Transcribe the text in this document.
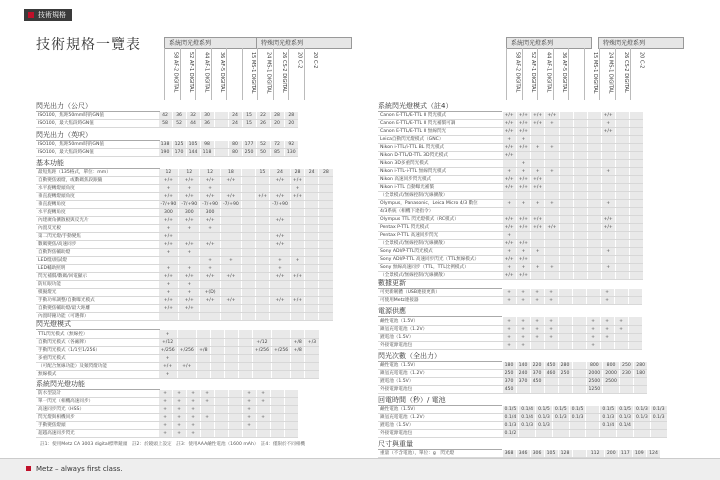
技術規格
技術規格一覽表	系統閃光燈系列	特殊閃光燈系列	系統閃光燈系列	特殊閃光燈系列
58 AF-2 DIGITAL	52 AF-1 DIGITAL	44 AF-1 DIGITAL	36 AF-5 DIGITAL	15 MS-1 DIGITAL	24 MS-1 DIGITAL	26 CS-2 DIGITAL	20 C-2	20 C-2	58 AF-2 DIGITAL	52 AF-1 DIGITAL	44 AF-1 DIGITAL	36 AF-5 DIGITAL	15 MS-1 DIGITAL	24 MS-1 DIGITAL	26 CS-2 DIGITAL	20 C-2
閃光出力（公尺）
ISO100，焦距50mm時的GN值	42	36	32	30		24	15	22	28	28
ISO100，最大焦段時GN值	58	52	44	36		24	15	26	20	20
閃光出力（英呎）
ISO100，焦距50mm時的GN值	138	125	105	98		80	177	52	72	92
ISO100，最大焦段時GN值	190	170	144	118		80	250	50	85	130
基本功能
最短焦距（135格式，單位：mm）	12	12	12	18		15	24	28	24	28
自動變焦頭燈，或數碼焦段跟隨	+/+	+/+	+/+	+/+			+/+	+/+		
水平旋轉燈頭角度	+	+	+					+		
垂直旋轉燈頭角度	+/+	+/+	+/+	+/+		+/+	+/+	+/+		
垂直旋轉角度	-7/+90	-7/+90	-7/+90	-7/+90			-7/+90			
水平旋轉角度	300	300	300							
內建廣角擴散板與反光片	+/+	+/+	+/+				+/+			
內置反光板	+	+	+							
第二閃光燈/手動變焦	+/+						+/+			
數碼變焦/高速同步	+/+	+/+	+/+				+/+			
自動對焦輔助燈	+	+								
LED燈/測試燈			+	+			+	+		
LED輔助照明	+	+	+				+			
閃光補償/數碼/回電顯示	+/+	+/+	+/+	+/+			+/+	+/+		
防紅眼功能	+	+								
模擬燈光	+	+	+(D)							
手動功率調整/自動曝光模式	+/+	+/+	+/+	+/+			+/+	+/+		
自動變焦輔助燈/最大距離	+/+	+/+								
內置時鐘功能（可選擇）										
閃光燈模式
TTL閃光模式（無線控）	+									
自動閃光模式（各廠牌）	+/12						+/12		+/8	+/3
手動閃光模式（1/1至1/256）	+/256	+/256	+/8				+/256	+/256	+/8	
多重閃光模式	+									
（可配合無線功能）及頻閃燈功能	+/+	+/+								
無線模式	+									
系統閃光燈功能
防水型設計	+	+	+	+			+	+		
單一閃光（相機高速同步）	+	+	+	+			+	+		
高速同步閃光（HSS）	+	+	+				+			
閃光燈與相機同步	+	+	+	+			+	+		
手動變焦燈頭	+	+	+				+			
超越高速同步閃光	+	+	+							
系統閃光燈模式（註4）
Canon E-TTL/E-TTL II 閃光模式	+/+	+/+	+/+	+/+				+/+		
Canon E-TTL/E-TTL II 閃光補償可調	+/+	+/+	+/+	+				+		
Canon E-TTL/E-TTL II 無線閃光	+/+	+/+						+/+		
Leica自動閃光燈模式（GNC）	+	+								
Nikon i-TTL/i-TTL BL 閃光模式	+/+	+/+	+	+						
Nikon D-TTL/D-TTL 3D閃光模式	+/+									
Nikon 3D多重閃光模式		+								
Nikon i-TTL-i-TTL 無線閃光模式	+	+	+	+				+		
Nikon 高速同步閃光模式	+/+	+/+	+/+							
Nikon i-TTL 自動曝光補償	+/+	+/+	+/+							
（全景模式/無線控制/光線擴散）										
Olympus，Panasonic，Leica Micro 4/3 數位	+	+	+	+				+		
4/3系統（相機下達指令）										
Olympus TTL 閃光燈模式（RC模式）	+/+	+/+	+/+					+/+		
Pentax P-TTL 閃光模式	+/+	+/+	+/+	+/+				+/+		
Pentax P-TTL 高速同步閃光	+									
（全景模式/無線控制/光線擴散）	+/+	+/+								
Sony ADI/P-TTL閃光模式	+	+	+					+		
Sony ADI/P-TTL 高速同步閃光（TTL無線模式）	+/+	+/+								
Sony 無線高速同步（TTL，TTL比例模式）	+	+	+	+				+		
（全景模式/無線控制/光線擴散）	+/+	+/+								
數據更新
可更新韌體（USB連接更新）	+	+	+	+				+		
可使用Metz連接器	+	+	+	+				+		
電源供應
鹼性電池（1.5V）	+	+	+	+			+	+	+	
鎳氫充電電池（1.2V）	+	+	+	+			+	+	+	
鋰電池（1.5V）	+	+	+	+			+	+		
外接電源電池包	+	+					+			
閃光次數（全出力）
鹼性電池（1.5V）	180	140	220	450	280		800	800	250	280
鎳氫充電電池（1.2V）	250	240	370	460	250		2000	2000	230	180
鋰電池（1.5V）	370	370	450				2500	2500		
外接電源電池包	450						1250			
回電時間（秒）/ 電池
鹼性電池（1.5V）	0.1/5	0.1/4	0.1/5	0.1/5	0.1/5		0.1/5	0.1/5	0.1/3	0.1/3
鎳氫充電電池（1.2V）	0.1/4	0.1/4	0.1/3	0.1/3	0.1/3		0.1/3	0.1/3	0.1/3	0.1/3
鋰電池（1.5V）	0.1/3	0.1/3	0.1/3				0.1/4	0.1/4		
外接電源電池包	0.1/2									
尺寸與重量
重量（不含電池），單位：g　閃光燈	368	346	306	105	128		112	200	117	109	124

註1：使用Metz CA 3003 digital標準鏡頭　註2：於鏡頭上設定　註3：使用AAA鹼性電池（1600 mAh）　註4：僅限於不同相機
Metz – always first class.
